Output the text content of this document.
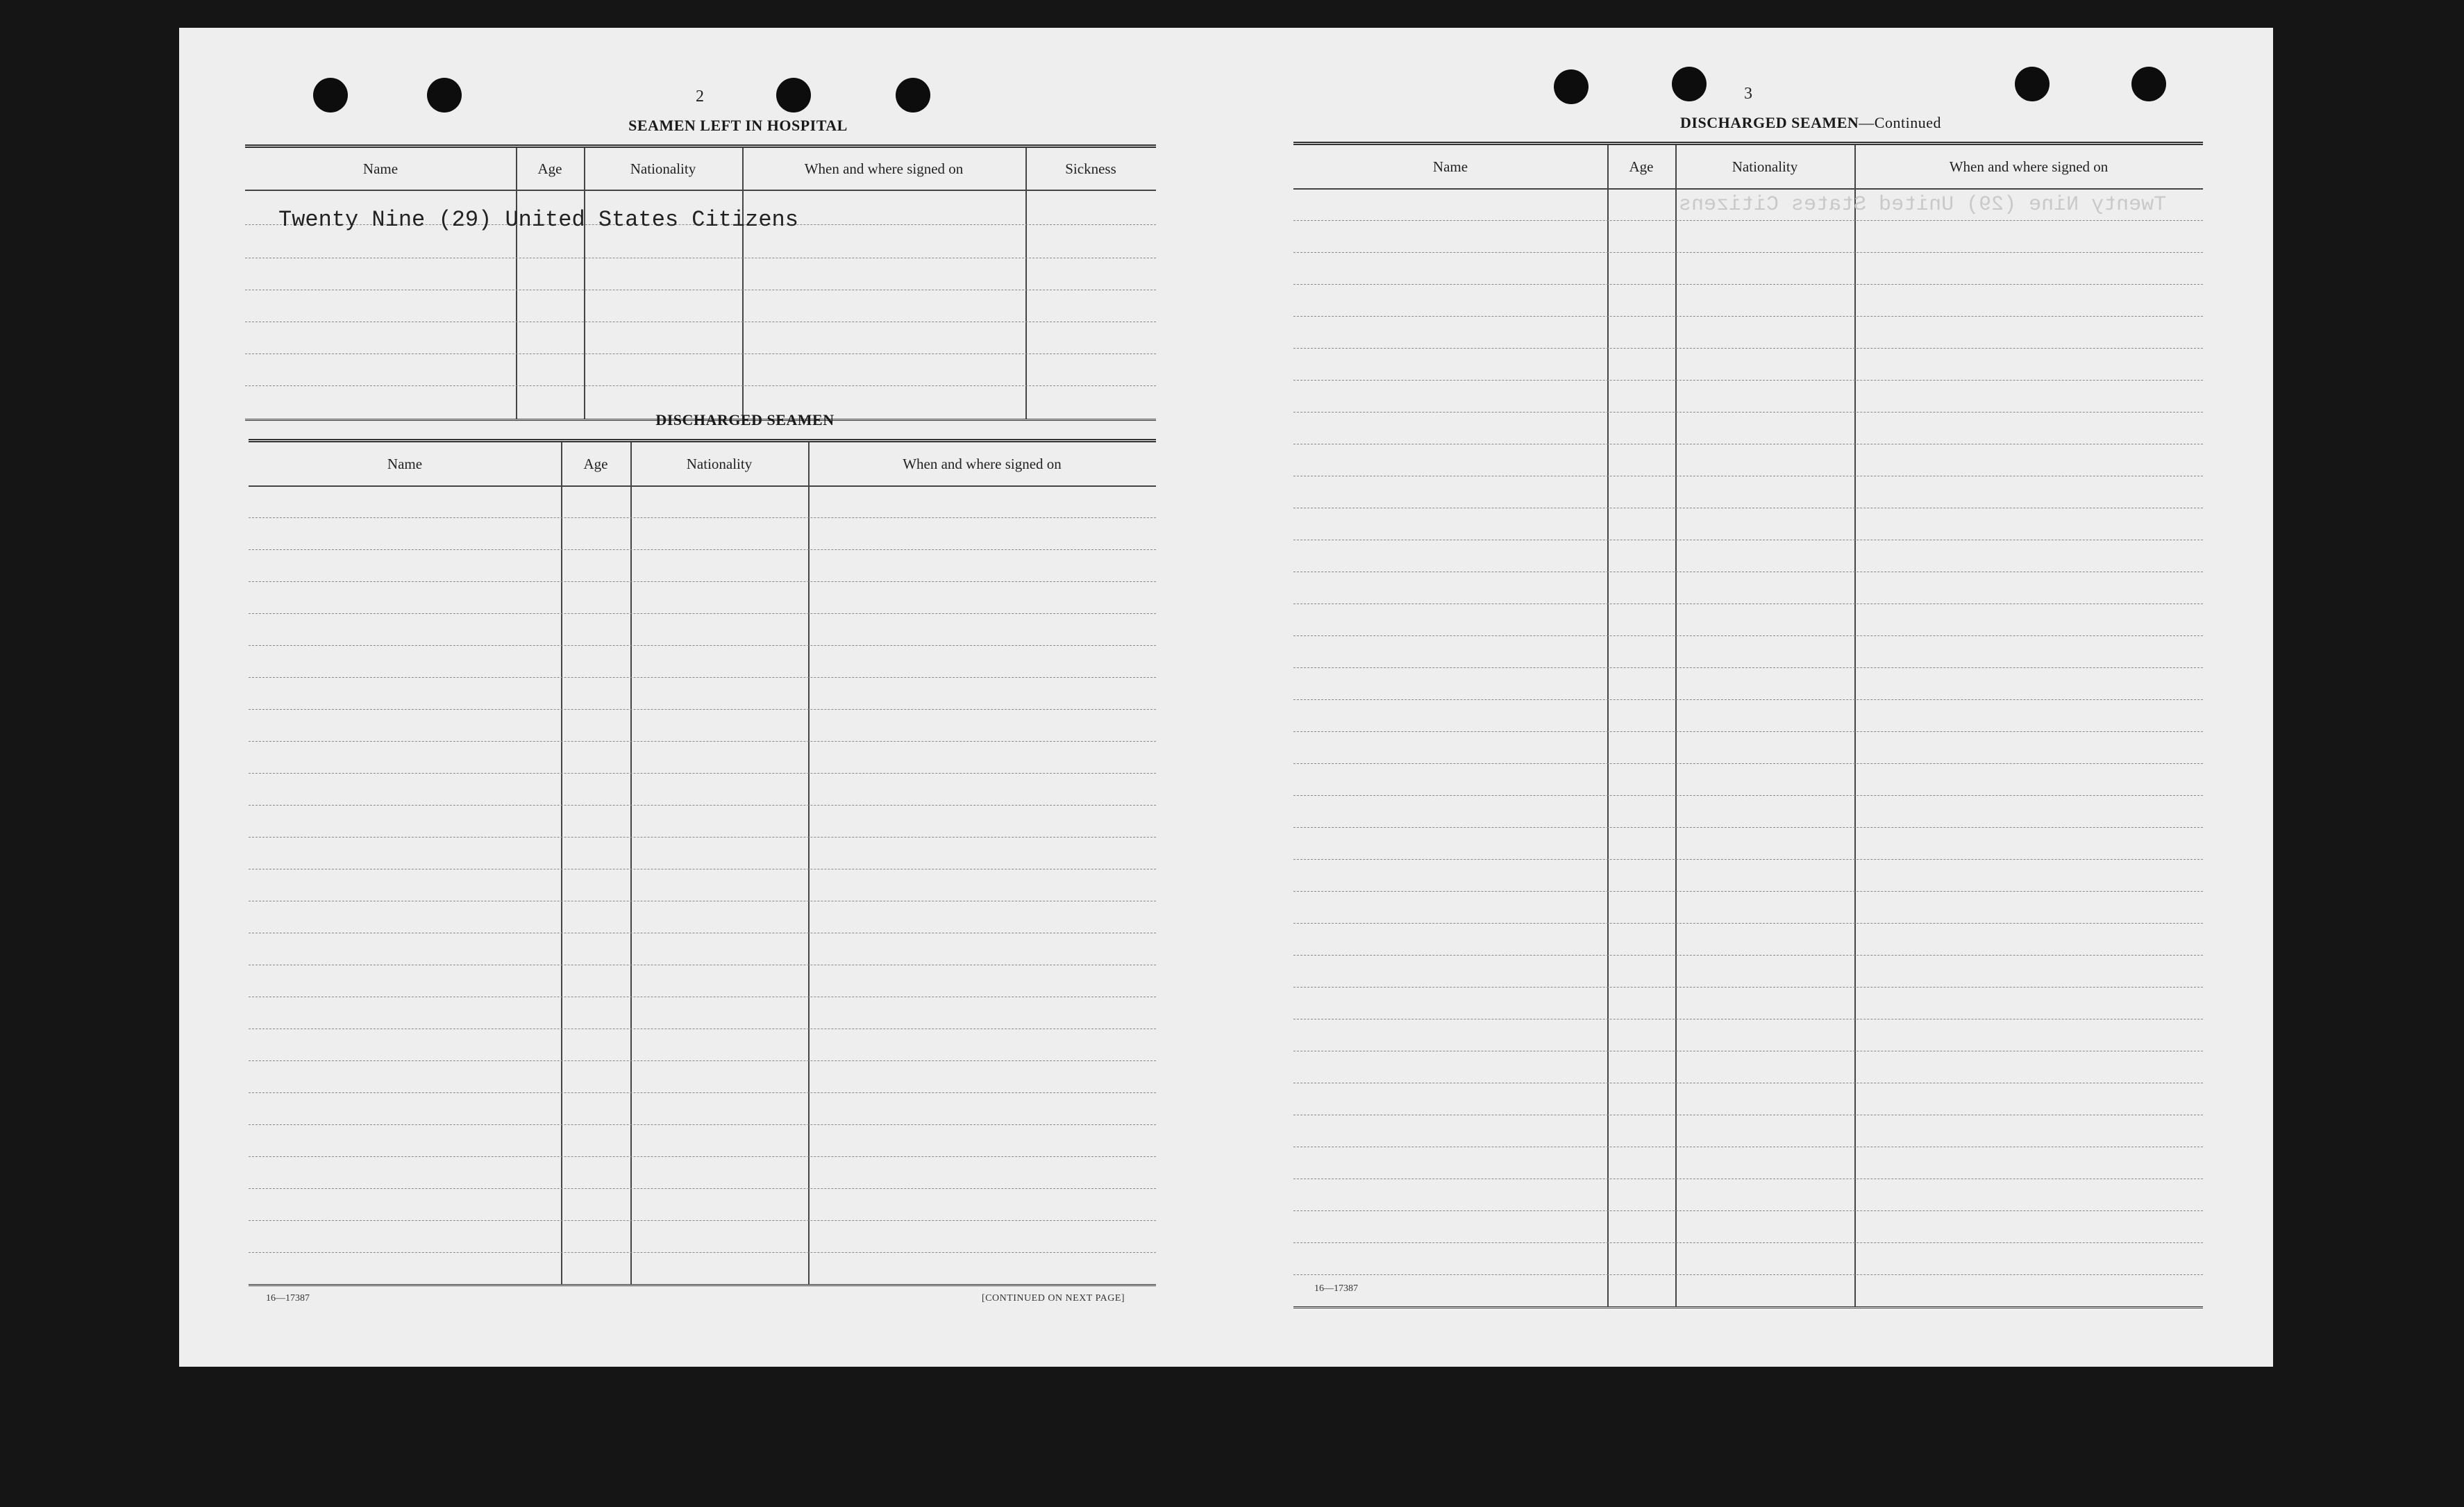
2
SEAMEN LEFT IN HOSPITAL
Name	Age	Nationality	When and where signed on	Sickness
Twenty Nine (29) United States Citizens
DISCHARGED SEAMEN
Name	Age	Nationality	When and where signed on
16—17387	[CONTINUED ON NEXT PAGE]
3
DISCHARGED SEAMEN—Continued
Name	Age	Nationality	When and where signed on
Twenty Nine (29) United States Citizens
16—17387
